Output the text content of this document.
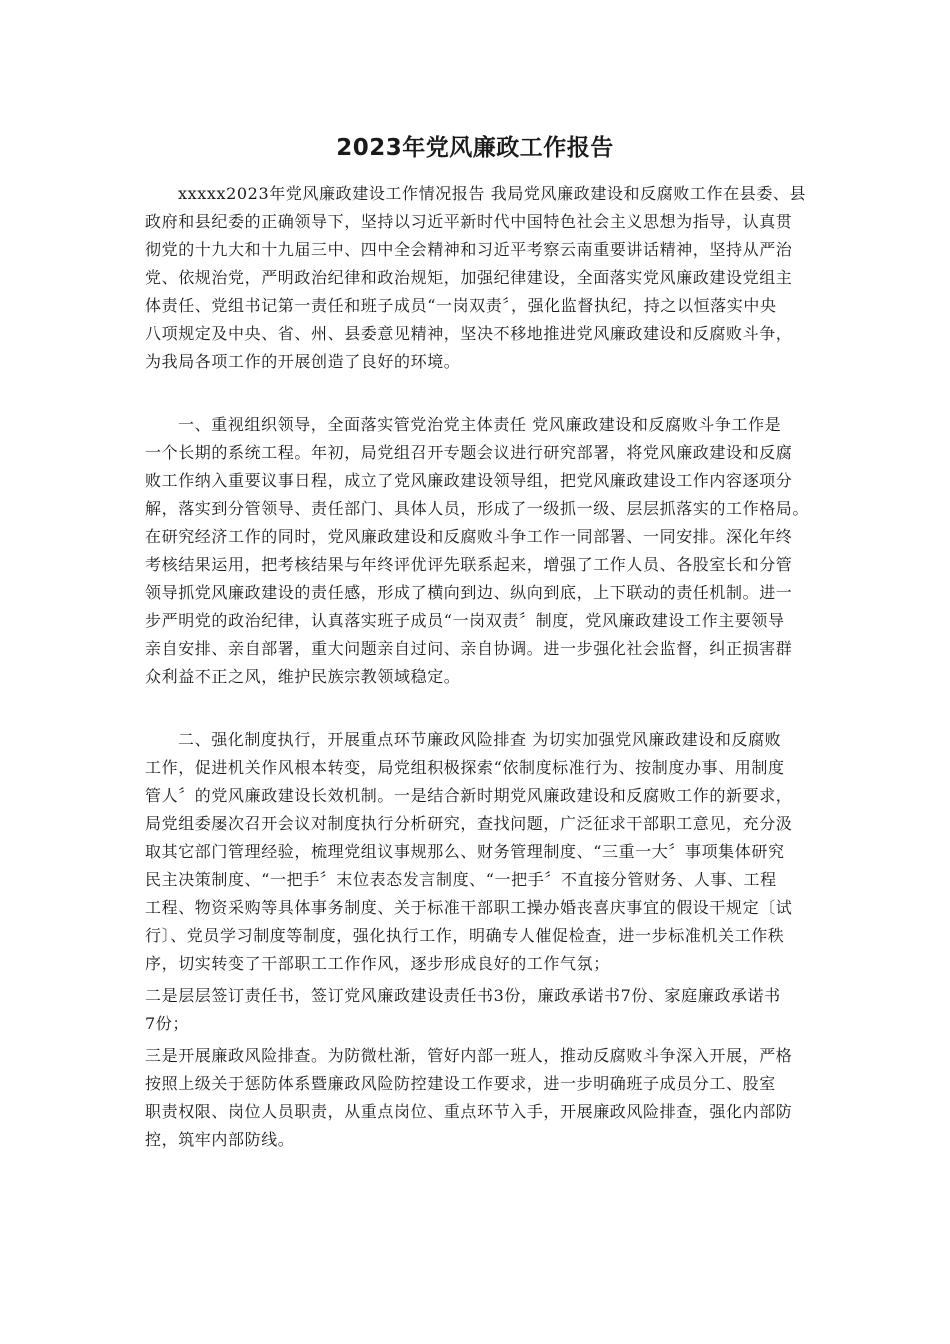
2023年党风廉政工作报告
xxxxx2023年党风廉政建设工作情况报告 我局党风廉政建设和反腐败工作在县委、县
政府和县纪委的正确领导下，坚持以习近平新时代中国特色社会主义思想为指导，认真贯
彻党的十九大和十九届三中、四中全会精神和习近平考察云南重要讲话精神，坚持从严治
党、依规治党，严明政治纪律和政治规矩，加强纪律建设，全面落实党风廉政建设党组主
体责任、党组书记第一责任和班子成员“一岗双责〞，强化监督执纪，持之以恒落实中央
八项规定及中央、省、州、县委意见精神，坚决不移地推进党风廉政建设和反腐败斗争，
为我局各项工作的开展创造了良好的环境。
一、重视组织领导，全面落实管党治党主体责任 党风廉政建设和反腐败斗争工作是
一个长期的系统工程。年初，局党组召开专题会议进行研究部署，将党风廉政建设和反腐
败工作纳入重要议事日程，成立了党风廉政建设领导组，把党风廉政建设工作内容逐项分
解，落实到分管领导、责任部门、具体人员，形成了一级抓一级、层层抓落实的工作格局。
在研究经济工作的同时，党风廉政建设和反腐败斗争工作一同部署、一同安排。深化年终
考核结果运用，把考核结果与年终评优评先联系起来，增强了工作人员、各股室长和分管
领导抓党风廉政建设的责任感，形成了横向到边、纵向到底，上下联动的责任机制。进一
步严明党的政治纪律，认真落实班子成员“一岗双责〞制度，党风廉政建设工作主要领导
亲自安排、亲自部署，重大问题亲自过问、亲自协调。进一步强化社会监督，纠正损害群
众利益不正之风，维护民族宗教领域稳定。
二、强化制度执行，开展重点环节廉政风险排查 为切实加强党风廉政建设和反腐败
工作，促进机关作风根本转变，局党组积极探索“依制度标准行为、按制度办事、用制度
管人〞的党风廉政建设长效机制。一是结合新时期党风廉政建设和反腐败工作的新要求，
局党组委屡次召开会议对制度执行分析研究，查找问题，广泛征求干部职工意见，充分汲
取其它部门管理经验，梳理党组议事规那么、财务管理制度、“三重一大〞事项集体研究
民主决策制度、“一把手〞末位表态发言制度、“一把手〞不直接分管财务、人事、工程
工程、物资采购等具体事务制度、关于标准干部职工操办婚丧喜庆事宜的假设干规定〔试
行〕、党员学习制度等制度，强化执行工作，明确专人催促检查，进一步标准机关工作秩
序，切实转变了干部职工工作作风，逐步形成良好的工作气氛；
二是层层签订责任书，签订党风廉政建设责任书3份，廉政承诺书7份、家庭廉政承诺书
7份；
三是开展廉政风险排查。为防微杜渐，管好内部一班人，推动反腐败斗争深入开展，严格
按照上级关于惩防体系暨廉政风险防控建设工作要求，进一步明确班子成员分工、股室
职责权限、岗位人员职责，从重点岗位、重点环节入手，开展廉政风险排查，强化内部防
控，筑牢内部防线。
